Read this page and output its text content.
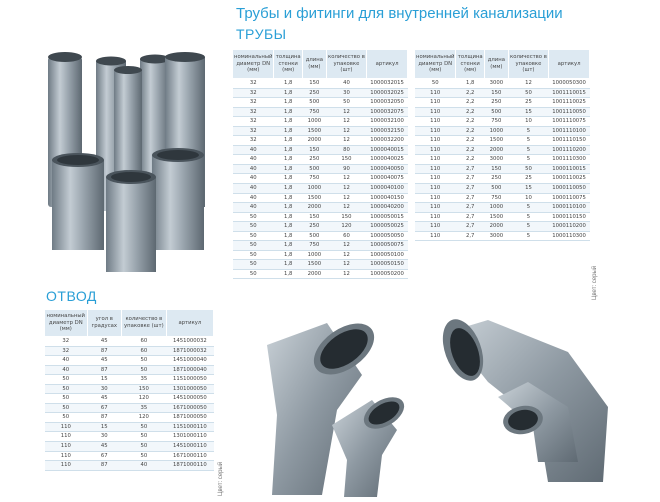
Трубы и фитинги для внутренней канализации
ТРУБЫ
ОТВОД
номинальный диаметр DN (мм)	толщина стенки (мм)	длина (мм)	количество в упаковке (шт)	артикул
32	1,8	150	40	1000032015
32	1,8	250	30	1000032025
32	1,8	500	50	1000032050
32	1,8	750	12	1000032075
32	1,8	1000	12	1000032100
32	1,8	1500	12	1000032150
32	1,8	2000	12	1000032200
40	1,8	150	80	1000040015
40	1,8	250	150	1000040025
40	1,8	500	90	1000040050
40	1,8	750	12	1000040075
40	1,8	1000	12	1000040100
40	1,8	1500	12	1000040150
40	1,8	2000	12	1000040200
50	1,8	150	150	1000050015
50	1,8	250	120	1000050025
50	1,8	500	60	1000050050
50	1,8	750	12	1000050075
50	1,8	1000	12	1000050100
50	1,8	1500	12	1000050150
50	1,8	2000	12	1000050200
номинальный диаметр DN (мм)	толщина стенки (мм)	длина (мм)	количество в упаковке (шт)	артикул
50	1,8	3000	12	1000050300
110	2,2	150	50	1001110015
110	2,2	250	25	1001110025
110	2,2	500	15	1001110050
110	2,2	750	10	1001110075
110	2,2	1000	5	1001110100
110	2,2	1500	5	1001110150
110	2,2	2000	5	1001110200
110	2,2	3000	5	1001110300
110	2,7	150	50	1000110015
110	2,7	250	25	1000110025
110	2,7	500	15	1000110050
110	2,7	750	10	1000110075
110	2,7	1000	5	1000110100
110	2,7	1500	5	1000110150
110	2,7	2000	5	1000110200
110	2,7	3000	5	1000110300
Цвет: серый
номинальный диаметр DN (мм)	угол в градусах	количество в упаковке (шт)	артикул
32	45	60	1451000032
32	87	60	1871000032
40	45	50	1451000040
40	87	50	1871000040
50	15	35	1151000050
50	30	150	1301000050
50	45	120	1451000050
50	67	35	1671000050
50	87	120	1871000050
110	15	50	1151000110
110	30	50	1301000110
110	45	50	1451000110
110	67	50	1671000110
110	87	40	1871000110 Цвет: серый
